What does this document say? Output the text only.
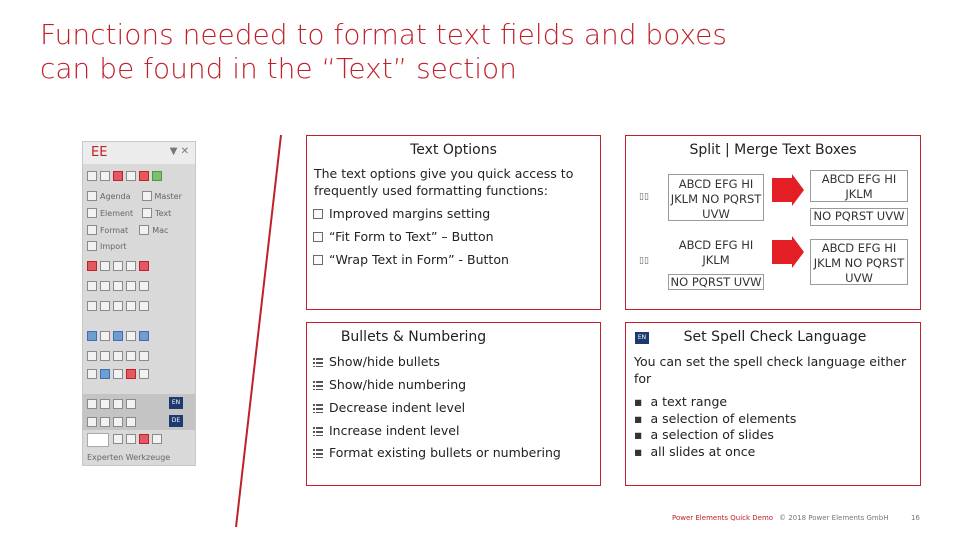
Functions needed to format text fields and boxes
can be found in the “Text” section
EE	▼ ✕
Agenda	Master
Element	Text
Format	Mac
Import
EN
DE
Experten Werkzeuge
Text Options
The text options give you quick access to frequently used formatting functions:
Improved margins setting
“Fit Form to Text” – Button
“Wrap Text in Form” - Button
Split | Merge Text Boxes
▯▯
▯▯
ABCD EFG HI JKLM NO PQRST UVW
ABCD EFG HI JKLM
NO PQRST UVW
ABCD EFG HI JKLM
NO PQRST UVW
ABCD EFG HI JKLM NO PQRST UVW
Bullets & Numbering
Show/hide bullets
Show/hide numbering
Decrease indent level
Increase indent level
Format existing bullets or numbering
EN	Set Spell Check Language
You can set the spell check language either for
▪ a text range
▪ a selection of elements
▪ a selection of slides
▪ all slides at once
Power Elements Quick Demo © 2018 Power Elements GmbH	16
